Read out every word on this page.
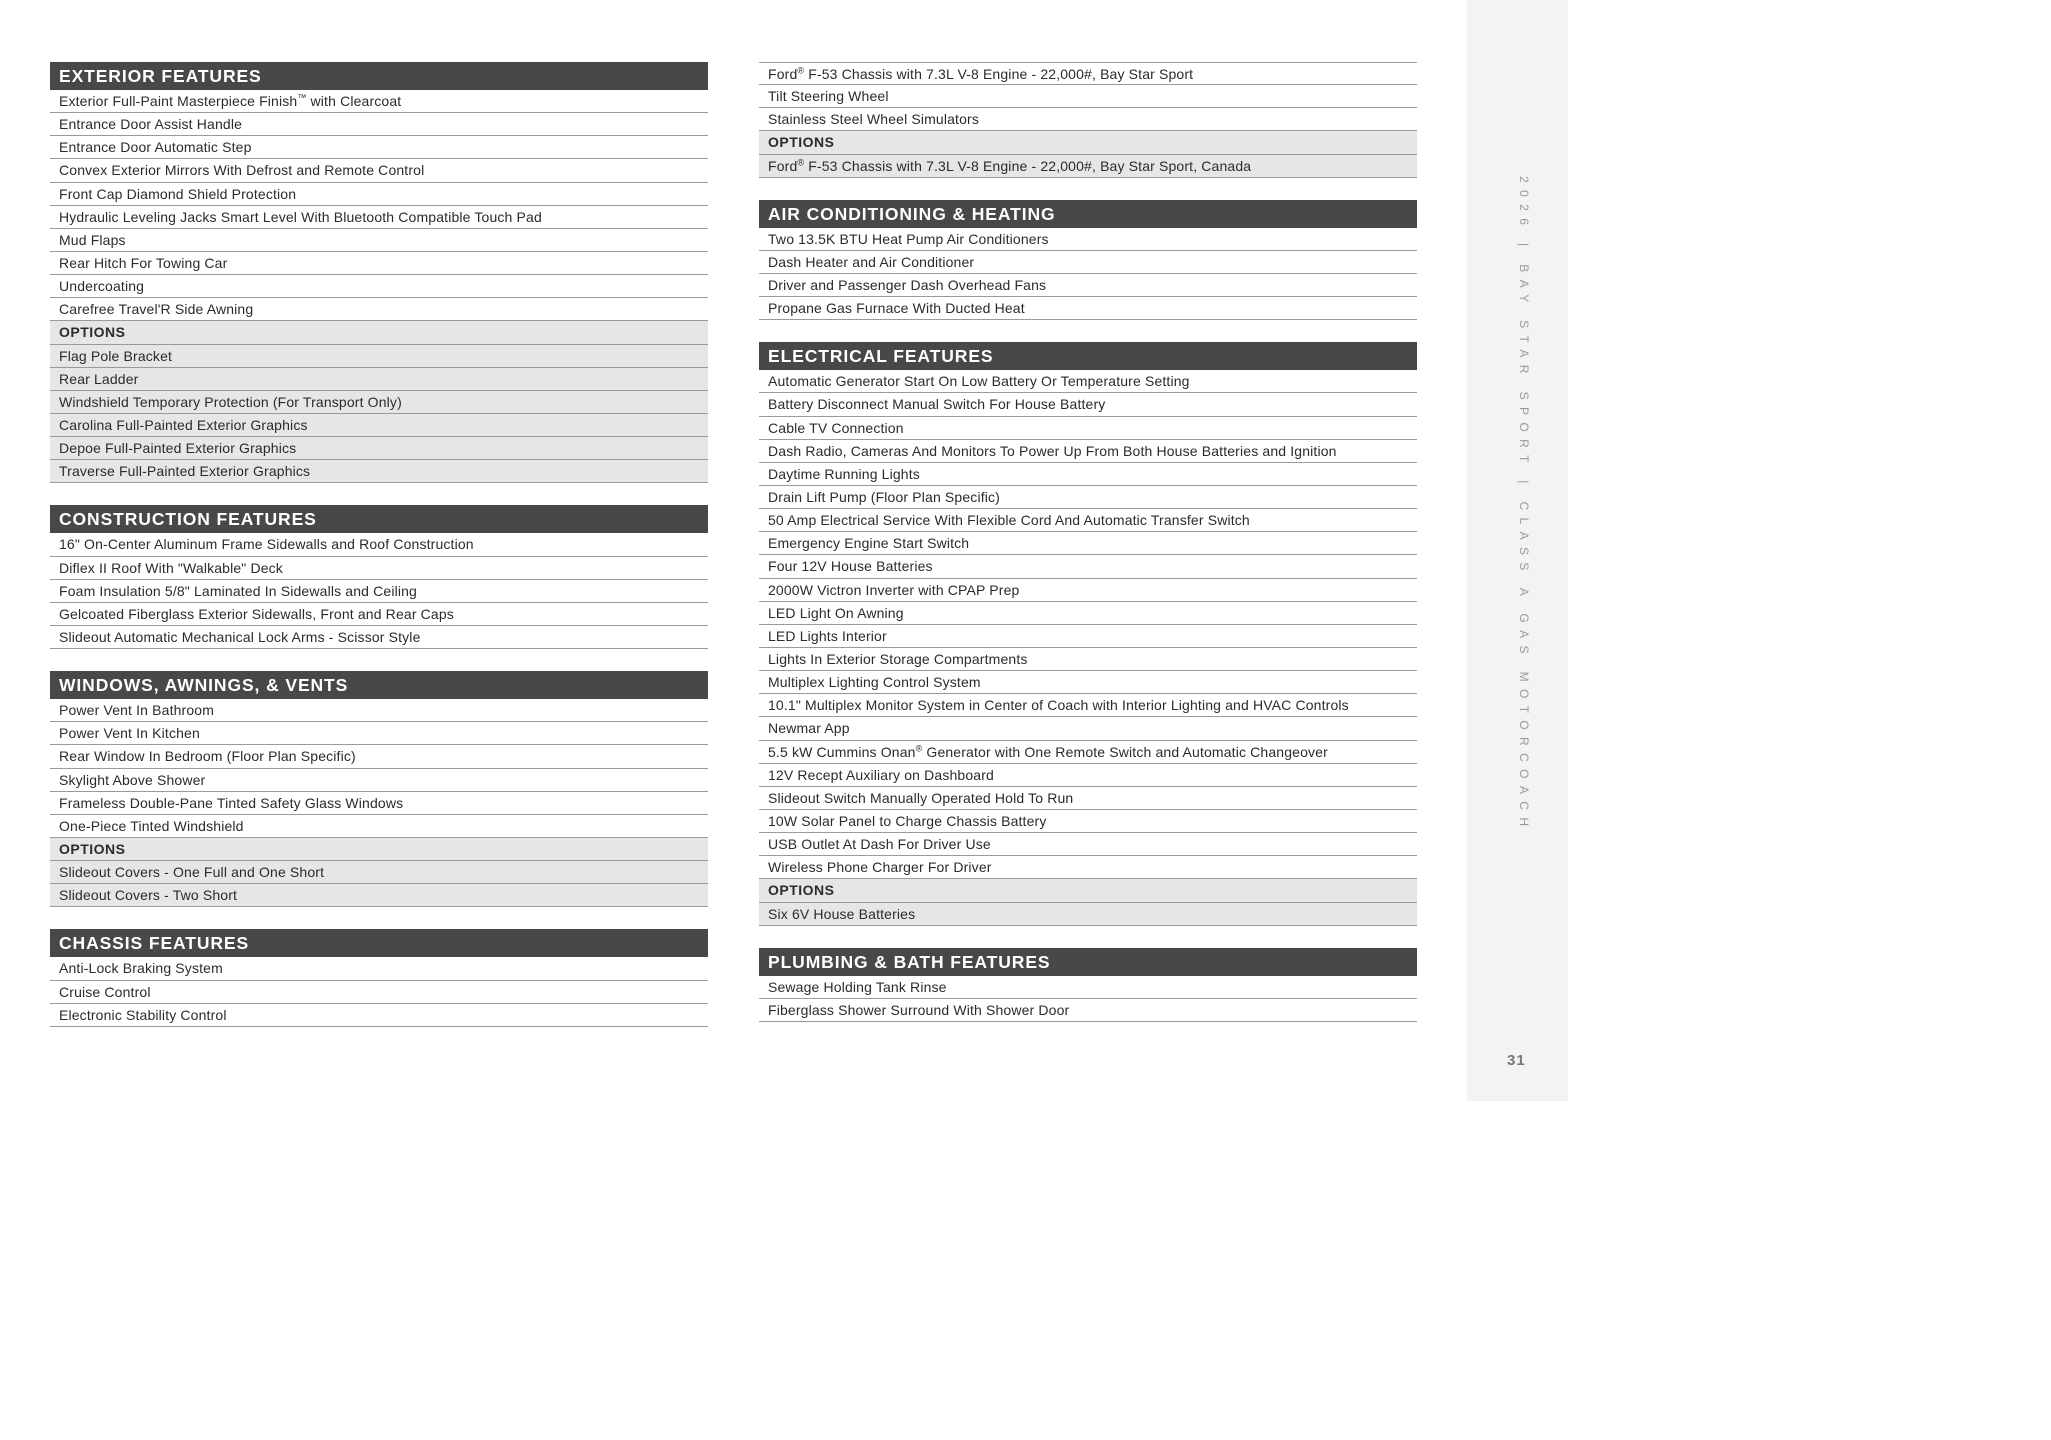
EXTERIOR FEATURES
Exterior Full-Paint Masterpiece Finish™ with Clearcoat
Entrance Door Assist Handle
Entrance Door Automatic Step
Convex Exterior Mirrors With Defrost and Remote Control
Front Cap Diamond Shield Protection
Hydraulic Leveling Jacks Smart Level With Bluetooth Compatible Touch Pad
Mud Flaps
Rear Hitch For Towing Car
Undercoating
Carefree Travel'R Side Awning
OPTIONS
Flag Pole Bracket
Rear Ladder
Windshield Temporary Protection (For Transport Only)
Carolina Full-Painted Exterior Graphics
Depoe Full-Painted Exterior Graphics
Traverse Full-Painted Exterior Graphics
CONSTRUCTION FEATURES
16" On-Center Aluminum Frame Sidewalls and Roof Construction
Diflex II Roof With "Walkable" Deck
Foam Insulation 5/8" Laminated In Sidewalls and Ceiling
Gelcoated Fiberglass Exterior Sidewalls, Front and Rear Caps
Slideout Automatic Mechanical Lock Arms - Scissor Style
WINDOWS, AWNINGS, & VENTS
Power Vent In Bathroom
Power Vent In Kitchen
Rear Window In Bedroom (Floor Plan Specific)
Skylight Above Shower
Frameless Double-Pane Tinted Safety Glass Windows
One-Piece Tinted Windshield
OPTIONS
Slideout Covers - One Full and One Short
Slideout Covers - Two Short
CHASSIS FEATURES
Anti-Lock Braking System
Cruise Control
Electronic Stability Control
Ford® F-53 Chassis with 7.3L V-8 Engine - 22,000#, Bay Star Sport
Tilt Steering Wheel
Stainless Steel Wheel Simulators
OPTIONS
Ford® F-53 Chassis with 7.3L V-8 Engine - 22,000#, Bay Star Sport, Canada
AIR CONDITIONING & HEATING
Two 13.5K BTU Heat Pump Air Conditioners
Dash Heater and Air Conditioner
Driver and Passenger Dash Overhead Fans
Propane Gas Furnace With Ducted Heat
ELECTRICAL FEATURES
Automatic Generator Start On Low Battery Or Temperature Setting
Battery Disconnect Manual Switch For House Battery
Cable TV Connection
Dash Radio, Cameras And Monitors To Power Up From Both House Batteries and Ignition
Daytime Running Lights
Drain Lift Pump (Floor Plan Specific)
50 Amp Electrical Service With Flexible Cord And Automatic Transfer Switch
Emergency Engine Start Switch
Four 12V House Batteries
2000W Victron Inverter with CPAP Prep
LED Light On Awning
LED Lights Interior
Lights In Exterior Storage Compartments
Multiplex Lighting Control System
10.1" Multiplex Monitor System in Center of Coach with Interior Lighting and HVAC Controls
Newmar App
5.5 kW Cummins Onan® Generator with One Remote Switch and Automatic Changeover
12V Recept Auxiliary on Dashboard
Slideout Switch Manually Operated Hold To Run
10W Solar Panel to Charge Chassis Battery
USB Outlet At Dash For Driver Use
Wireless Phone Charger For Driver
OPTIONS
Six 6V House Batteries
PLUMBING & BATH FEATURES
Sewage Holding Tank Rinse
Fiberglass Shower Surround With Shower Door
2026 | BAY STAR SPORT | CLASS A GAS MOTORCOACH
31
